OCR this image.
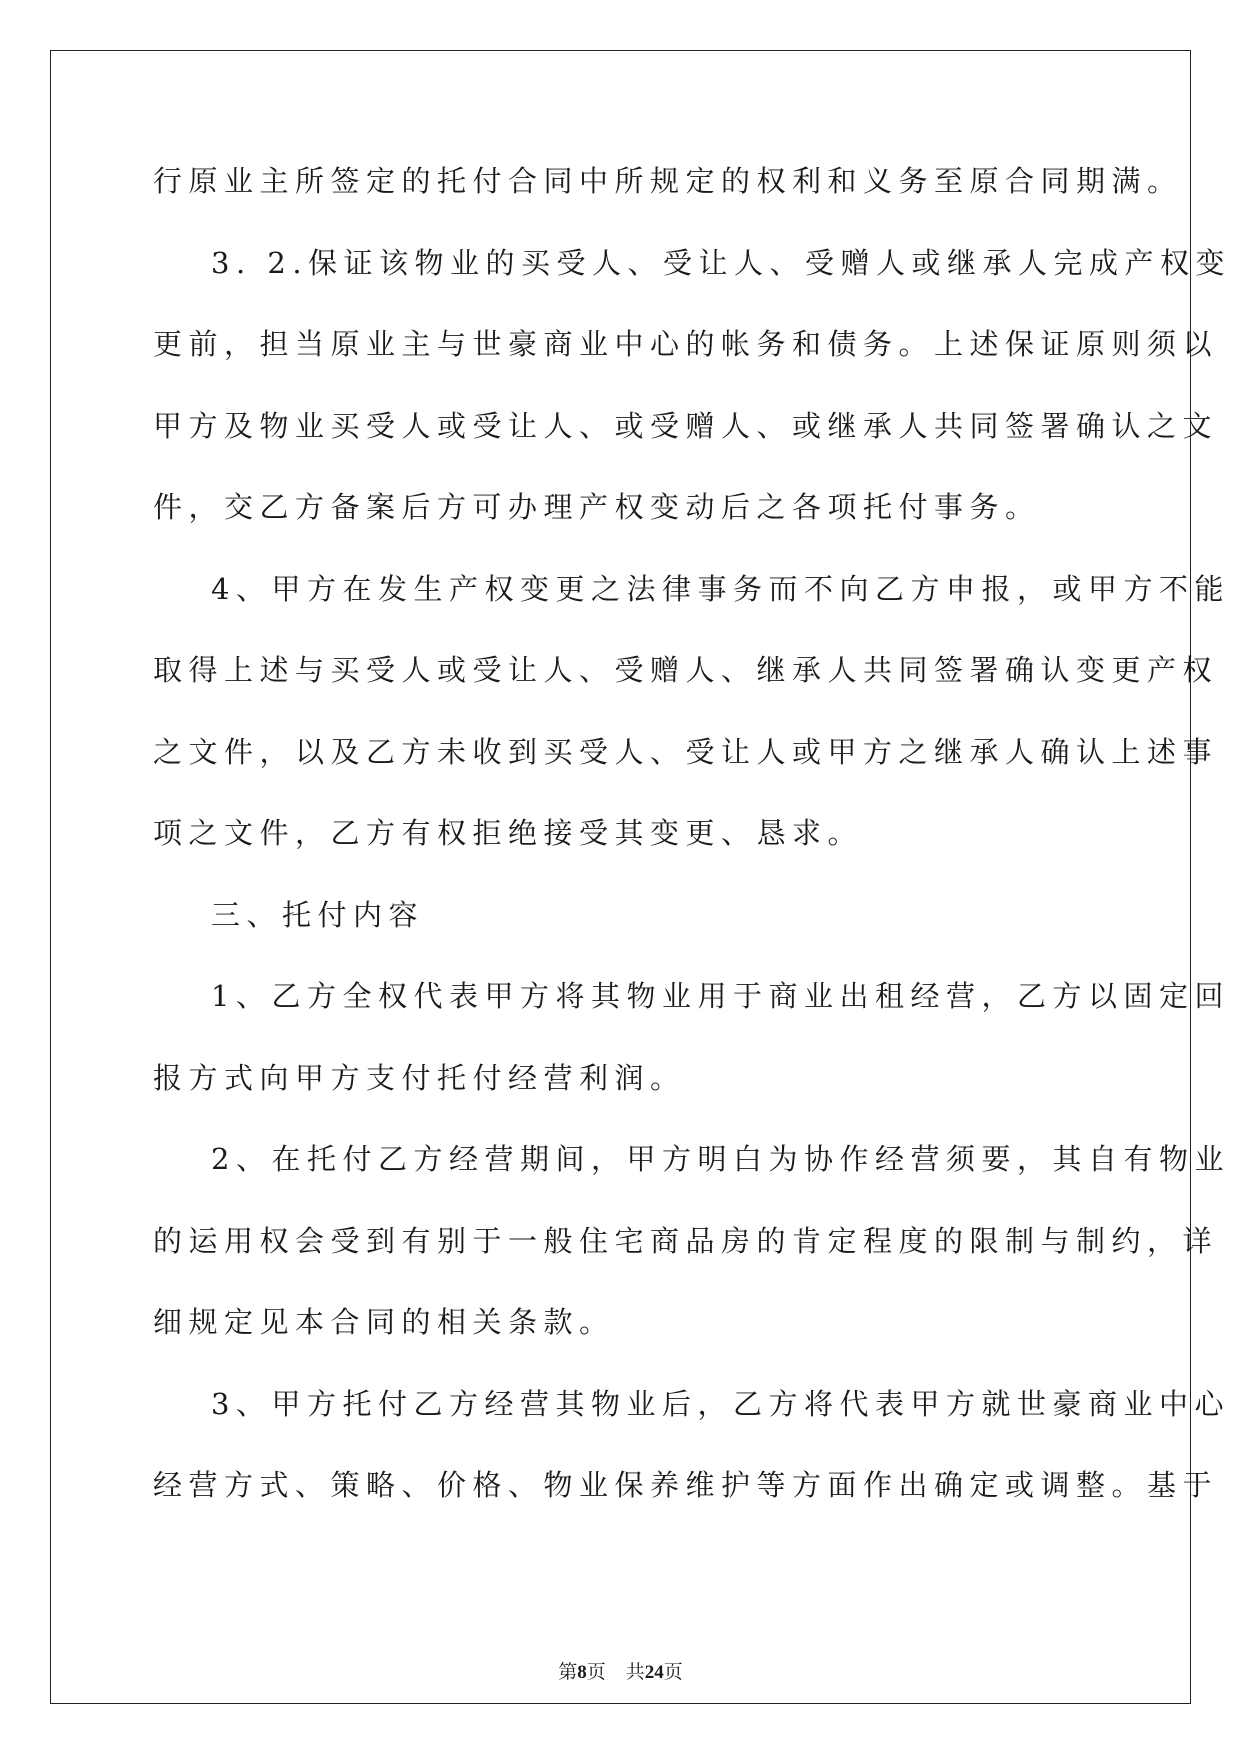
行原业主所签定的托付合同中所规定的权利和义务至原合同期满。
3. 2.保证该物业的买受人、受让人、受赠人或继承人完成产权变
更前，担当原业主与世豪商业中心的帐务和债务。上述保证原则须以
甲方及物业买受人或受让人、或受赠人、或继承人共同签署确认之文
件，交乙方备案后方可办理产权变动后之各项托付事务。
4、甲方在发生产权变更之法律事务而不向乙方申报，或甲方不能
取得上述与买受人或受让人、受赠人、继承人共同签署确认变更产权
之文件，以及乙方未收到买受人、受让人或甲方之继承人确认上述事
项之文件，乙方有权拒绝接受其变更、恳求。
三、托付内容
1、乙方全权代表甲方将其物业用于商业出租经营，乙方以固定回
报方式向甲方支付托付经营利润。
2、在托付乙方经营期间，甲方明白为协作经营须要，其自有物业
的运用权会受到有别于一般住宅商品房的肯定程度的限制与制约，详
细规定见本合同的相关条款。
3、甲方托付乙方经营其物业后，乙方将代表甲方就世豪商业中心
经营方式、策略、价格、物业保养维护等方面作出确定或调整。基于
第8页 共24页
